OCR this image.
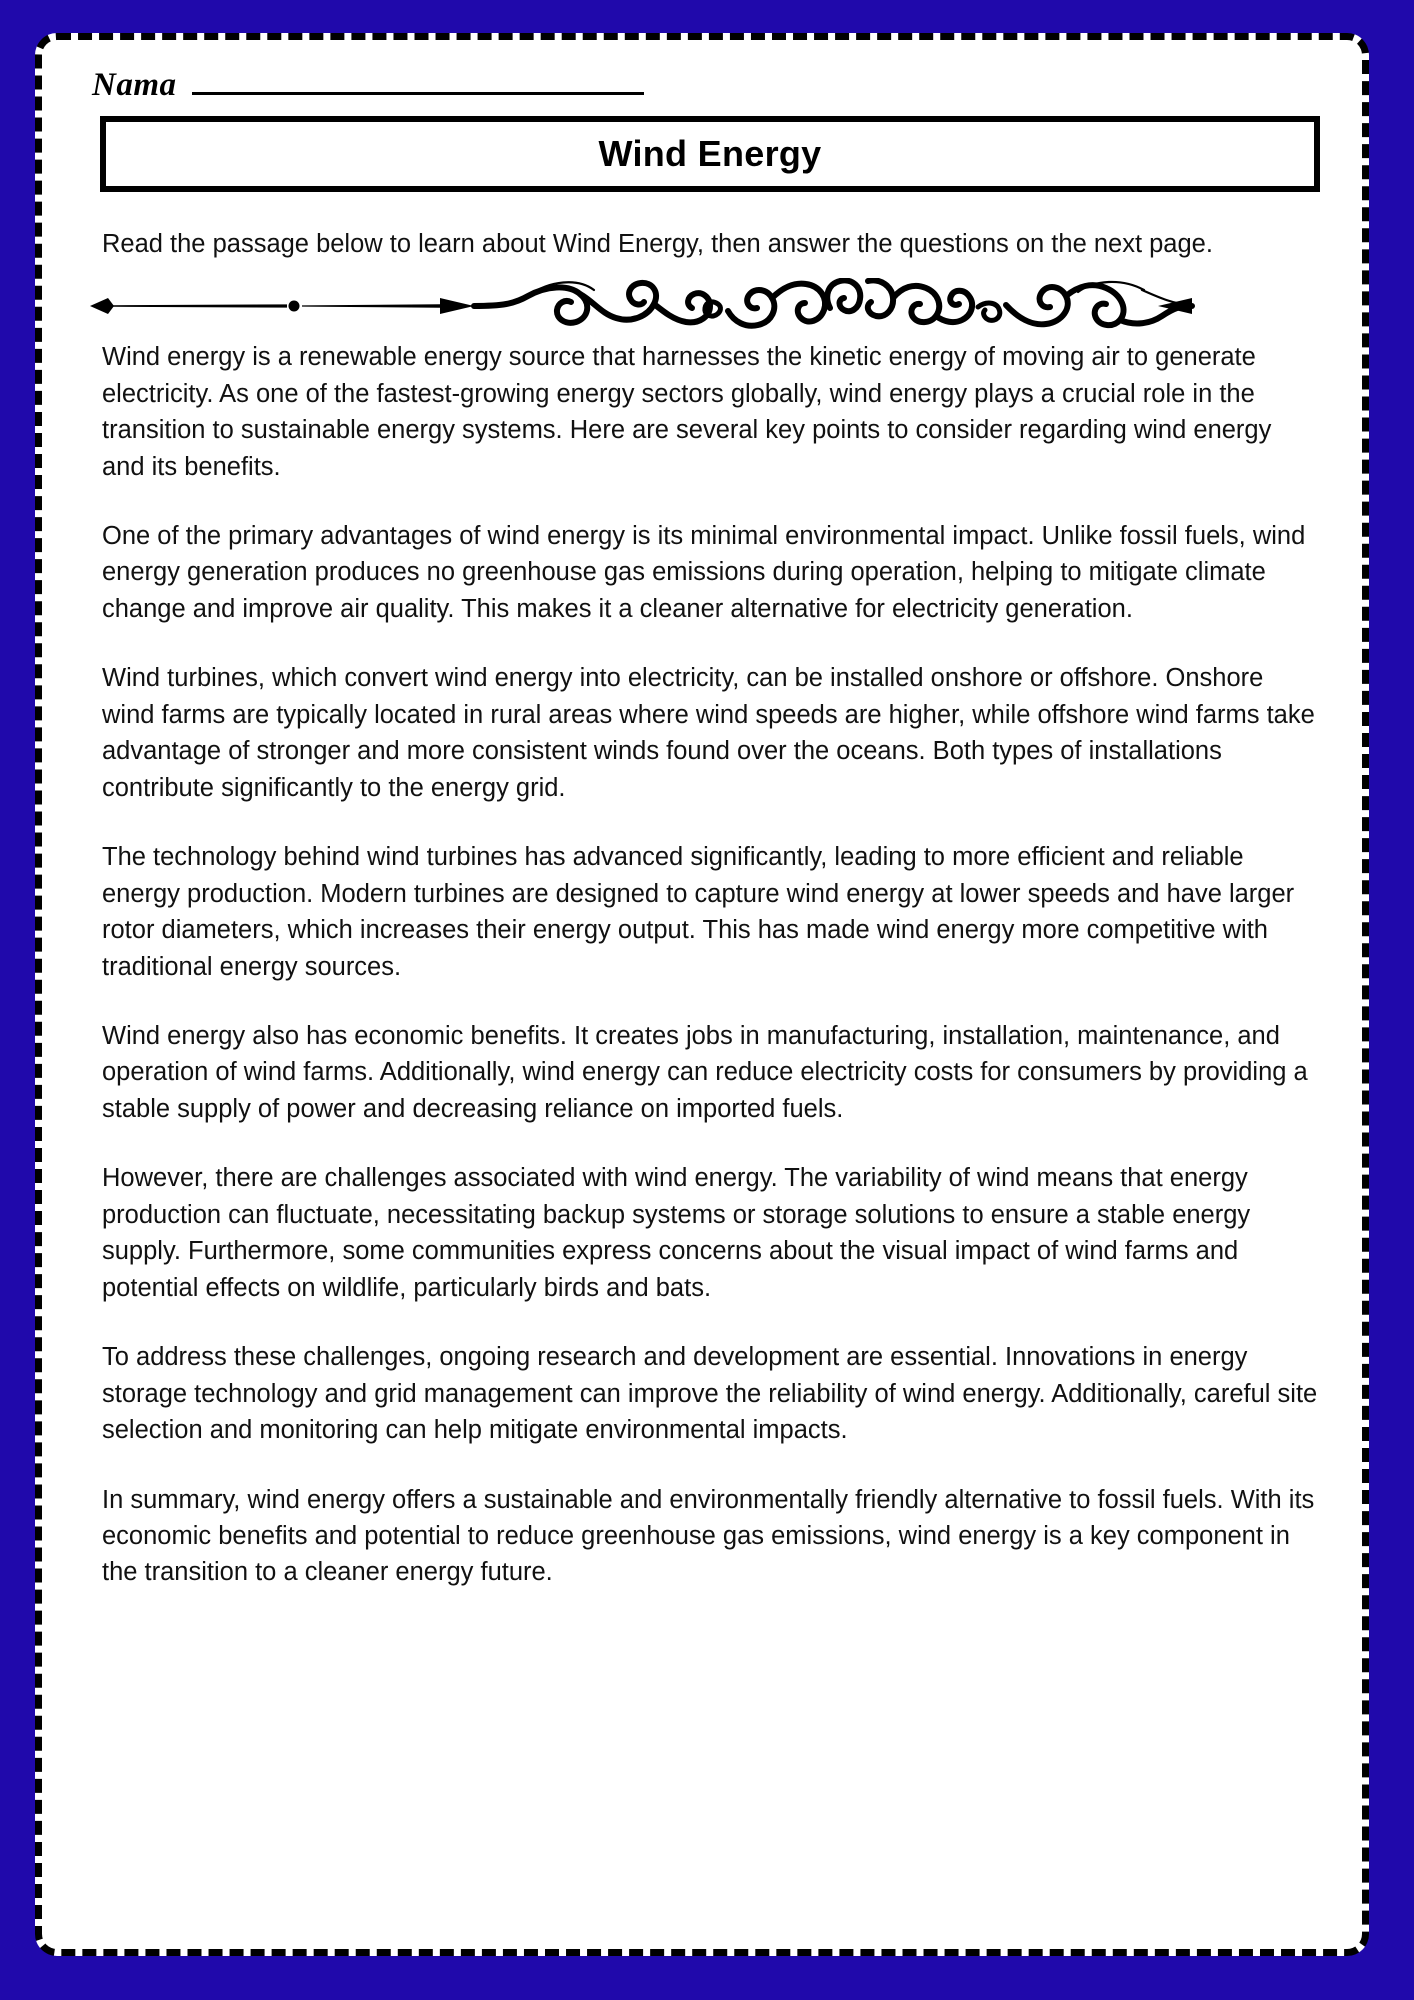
Nama
Wind Energy
Read the passage below to learn about Wind Energy, then answer the questions on the next page.

Wind energy is a renewable energy source that harnesses the kinetic energy of moving air to generate electricity. As one of the fastest-growing energy sectors globally, wind energy plays a crucial role in the transition to sustainable energy systems. Here are several key points to consider regarding wind energy and its benefits.

One of the primary advantages of wind energy is its minimal environmental impact. Unlike fossil fuels, wind energy generation produces no greenhouse gas emissions during operation, helping to mitigate climate change and improve air quality. This makes it a cleaner alternative for electricity generation.

Wind turbines, which convert wind energy into electricity, can be installed onshore or offshore. Onshore wind farms are typically located in rural areas where wind speeds are higher, while offshore wind farms take advantage of stronger and more consistent winds found over the oceans. Both types of installations contribute significantly to the energy grid.

The technology behind wind turbines has advanced significantly, leading to more efficient and reliable energy production. Modern turbines are designed to capture wind energy at lower speeds and have larger rotor diameters, which increases their energy output. This has made wind energy more competitive with traditional energy sources.

Wind energy also has economic benefits. It creates jobs in manufacturing, installation, maintenance, and operation of wind farms. Additionally, wind energy can reduce electricity costs for consumers by providing a stable supply of power and decreasing reliance on imported fuels.

However, there are challenges associated with wind energy. The variability of wind means that energy production can fluctuate, necessitating backup systems or storage solutions to ensure a stable energy supply. Furthermore, some communities express concerns about the visual impact of wind farms and potential effects on wildlife, particularly birds and bats.

To address these challenges, ongoing research and development are essential. Innovations in energy storage technology and grid management can improve the reliability of wind energy. Additionally, careful site selection and monitoring can help mitigate environmental impacts.

In summary, wind energy offers a sustainable and environmentally friendly alternative to fossil fuels. With its economic benefits and potential to reduce greenhouse gas emissions, wind energy is a key component in the transition to a cleaner energy future.
